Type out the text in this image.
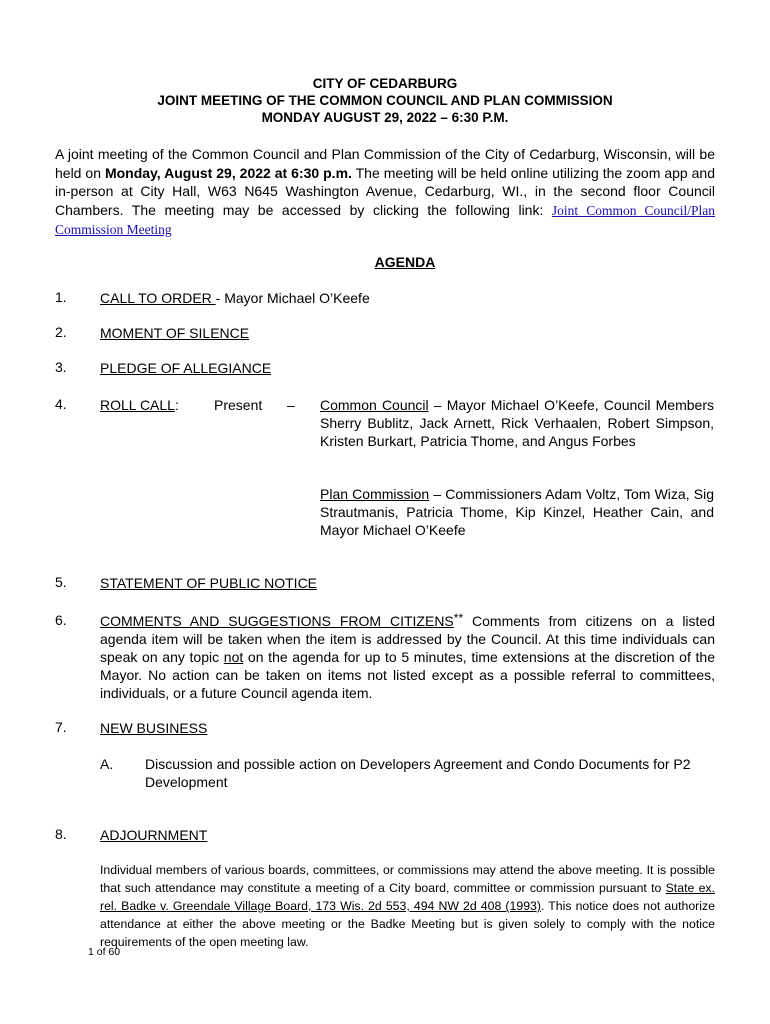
CITY OF CEDARBURG
JOINT MEETING OF THE COMMON COUNCIL AND PLAN COMMISSION
MONDAY AUGUST 29, 2022 – 6:30 P.M.
A joint meeting of the Common Council and Plan Commission of the City of Cedarburg, Wisconsin, will be held on Monday, August 29, 2022 at 6:30 p.m. The meeting will be held online utilizing the zoom app and in-person at City Hall, W63 N645 Washington Avenue, Cedarburg, WI., in the second floor Council Chambers. The meeting may be accessed by clicking the following link: Joint Common Council/Plan Commission Meeting
AGENDA
1. CALL TO ORDER - Mayor Michael O’Keefe
2. MOMENT OF SILENCE
3. PLEDGE OF ALLEGIANCE
4. ROLL CALL:	Present – Common Council – Mayor Michael O’Keefe, Council Members Sherry Bublitz, Jack Arnett, Rick Verhaalen, Robert Simpson, Kristen Burkart, Patricia Thome, and Angus Forbes
Plan Commission – Commissioners Adam Voltz, Tom Wiza, Sig Strautmanis, Patricia Thome, Kip Kinzel, Heather Cain, and Mayor Michael O’Keefe
5. STATEMENT OF PUBLIC NOTICE
6. COMMENTS AND SUGGESTIONS FROM CITIZENS** Comments from citizens on a listed agenda item will be taken when the item is addressed by the Council. At this time individuals can speak on any topic not on the agenda for up to 5 minutes, time extensions at the discretion of the Mayor. No action can be taken on items not listed except as a possible referral to committees, individuals, or a future Council agenda item.
7. NEW BUSINESS
A. Discussion and possible action on Developers Agreement and Condo Documents for P2 Development
8. ADJOURNMENT
Individual members of various boards, committees, or commissions may attend the above meeting. It is possible that such attendance may constitute a meeting of a City board, committee or commission pursuant to State ex. rel. Badke v. Greendale Village Board, 173 Wis. 2d 553, 494 NW 2d 408 (1993). This notice does not authorize attendance at either the above meeting or the Badke Meeting but is given solely to comply with the notice requirements of the open meeting law.
1 of 60
